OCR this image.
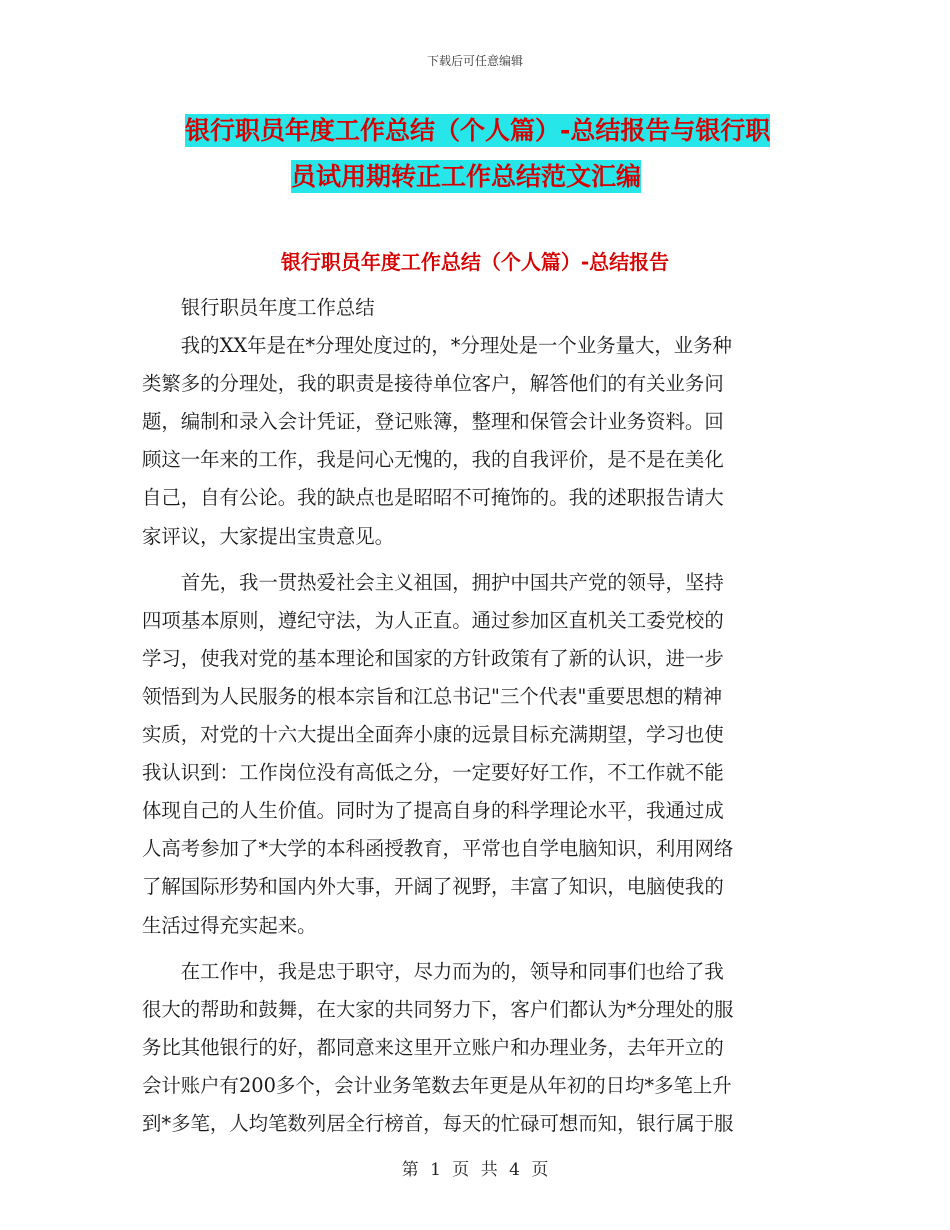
下载后可任意编辑
银行职员年度工作总结（个人篇）-总结报告与银行职
员试用期转正工作总结范文汇编
银行职员年度工作总结（个人篇）-总结报告

银行职员年度工作总结

我的XX年是在*分理处度过的，*分理处是一个业务量大，业务种
类繁多的分理处，我的职责是接待单位客户，解答他们的有关业务问
题，编制和录入会计凭证，登记账簿，整理和保管会计业务资料。回
顾这一年来的工作，我是问心无愧的，我的自我评价，是不是在美化
自己，自有公论。我的缺点也是昭昭不可掩饰的。我的述职报告请大
家评议，大家提出宝贵意见。

首先，我一贯热爱社会主义祖国，拥护中国共产党的领导，坚持
四项基本原则，遵纪守法，为人正直。通过参加区直机关工委党校的
学习，使我对党的基本理论和国家的方针政策有了新的认识，进一步
领悟到为人民服务的根本宗旨和江总书记"三个代表"重要思想的精神
实质，对党的十六大提出全面奔小康的远景目标充满期望，学习也使
我认识到：工作岗位没有高低之分，一定要好好工作，不工作就不能
体现自己的人生价值。同时为了提高自身的科学理论水平，我通过成
人高考参加了*大学的本科函授教育，平常也自学电脑知识，利用网络
了解国际形势和国内外大事，开阔了视野，丰富了知识，电脑使我的
生活过得充实起来。

在工作中，我是忠于职守，尽力而为的，领导和同事们也给了我
很大的帮助和鼓舞，在大家的共同努力下，客户们都认为*分理处的服
务比其他银行的好，都同意来这里开立账户和办理业务，去年开立的
会计账户有200多个，会计业务笔数去年更是从年初的日均*多笔上升
到*多笔，人均笔数列居全行榜首，每天的忙碌可想而知，银行属于服

第 1 页 共 4 页
